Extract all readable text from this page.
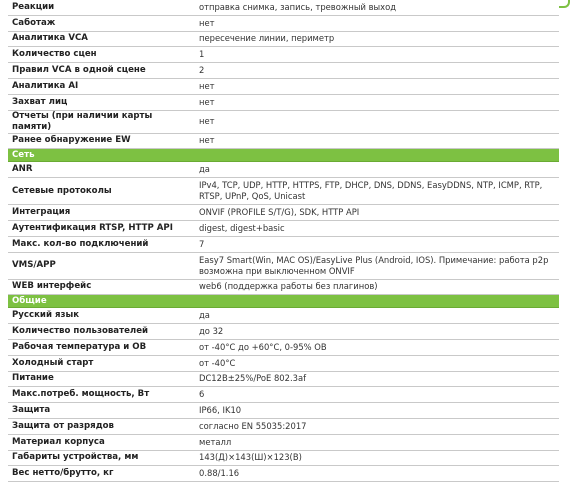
Реакции	отправка снимка, запись, тревожный выход
Саботаж	нет
Аналитика VCA	пересечение линии, периметр
Количество сцен	1
Правил VCA в одной сцене	2
Аналитика AI	нет
Захват лиц	нет
Отчеты (при наличии карты памяти)	нет
Ранее обнаружение EW	нет
Сеть	
ANR	да
Сетевые протоколы	IPv4, TCP, UDP, HTTP, HTTPS, FTP, DHCP, DNS, DDNS, EasyDDNS, NTP, ICMP, RTP, RTSP, UPnP, QoS, Unicast
Интеграция	ONVIF (PROFILE S/T/G), SDK, HTTP API
Аутентификация RTSP, HTTP API	digest, digest+basic
Макс. кол-во подключений	7
VMS/APP	Easy7 Smart(Win, MAC OS)/EasyLive Plus (Android, IOS). Примечание: работа p2p возможна при выключенном ONVIF
WEB интерфейс	web6 (поддержка работы без плагинов)
Общие	
Русский язык	да
Количество пользователей	до 32
Рабочая температура и ОВ	от -40°C до +60°C, 0-95% ОВ
Холодный старт	от -40°C
Питание	DC12В±25%/PoE 802.3af
Макс.потреб. мощность, Вт	6
Защита	IP66, IK10
Защита от разрядов	согласно EN 55035:2017
Материал корпуса	металл
Габариты устройства, мм	143(Д)×143(Ш)×123(В)
Вес нетто/брутто, кг	0.88/1.16
